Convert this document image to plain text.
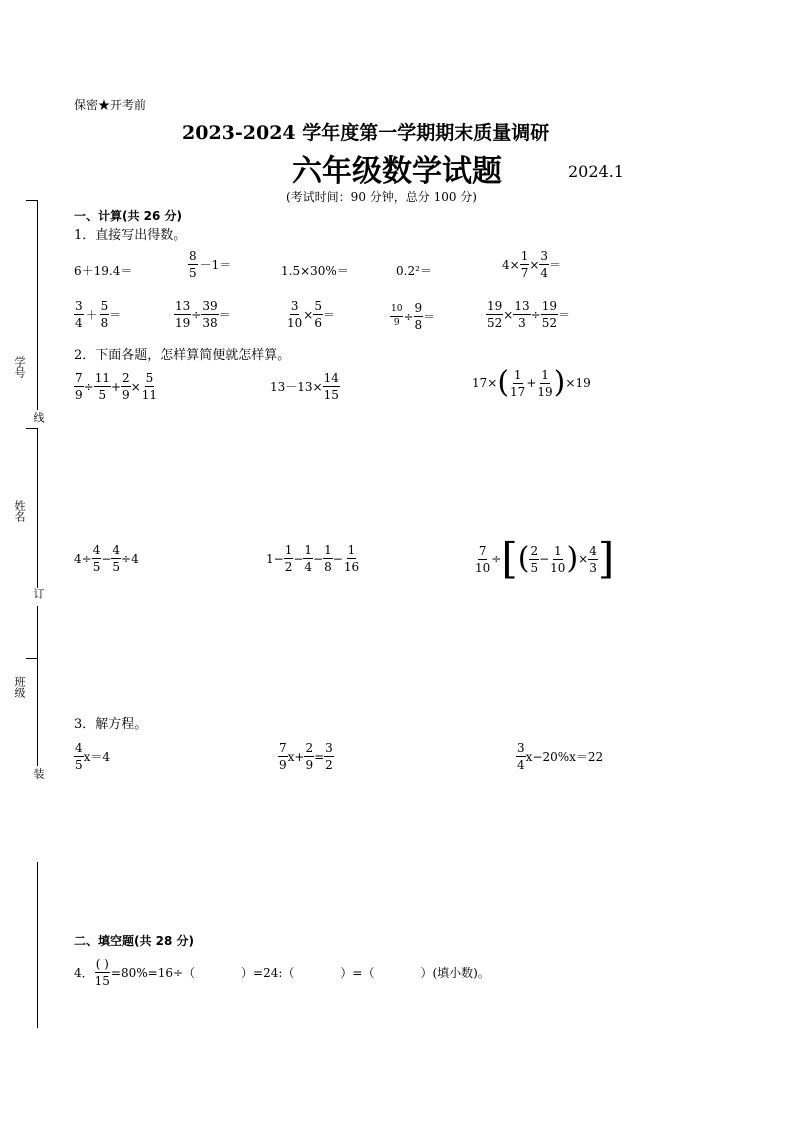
保密★开考前
2023-2024 学年度第一学期期末质量调研
六年级数学试题	2024.1
(考试时间：90 分钟，总分 100 分)
学号
姓名
班级
线
订
装
一、计算(共 26 分)
1．直接写出得数。
6＋19.4＝	$\frac{8}{5} -1=$	1.5×30%＝	0.2²＝	$4\times \frac{1}{7} \times \frac{3}{4}$ ＝
$\frac{3}{4} + \frac{5}{8}$ ＝	$\frac{13}{19} \div \frac{39}{38}$ ＝	$\frac{3}{10} \times \frac{5}{6}$ ＝	$\frac{10}{9} \div \frac{9}{8}$ ＝	$\frac{19}{52} \times \frac{13}{3} \div \frac{19}{52}$ ＝
2．下面各题，怎样算简便就怎样算。
$\frac{7}{9} \div \frac{11}{5} + \frac{2}{9} \times \frac{5}{11}$	$13-13\times \frac{14}{15}$	17× ( $\frac{1}{17} + \frac{1}{19}$ ) ×19
$4\div \frac{4}{5} - \frac{4}{5} \div 4$	$1- \frac{1}{2} - \frac{1}{4} - \frac{1}{8} - \frac{1}{16}$	$\frac{7}{10}$ ÷ [ ( $\frac{2}{5} - \frac{1}{10}$ ) × $\frac{4}{3}$ ]
3．解方程。
$\frac{4}{5} x=4$	$\frac{7}{9} x+ \frac{2}{9} = \frac{3}{2}$	$\frac{3}{4} x-20\%x=22$
二、填空题(共 28 分)
4． $\frac{( )}{15} =80\%=16\div$（	）=24:（	）=（	）(填小数)。
